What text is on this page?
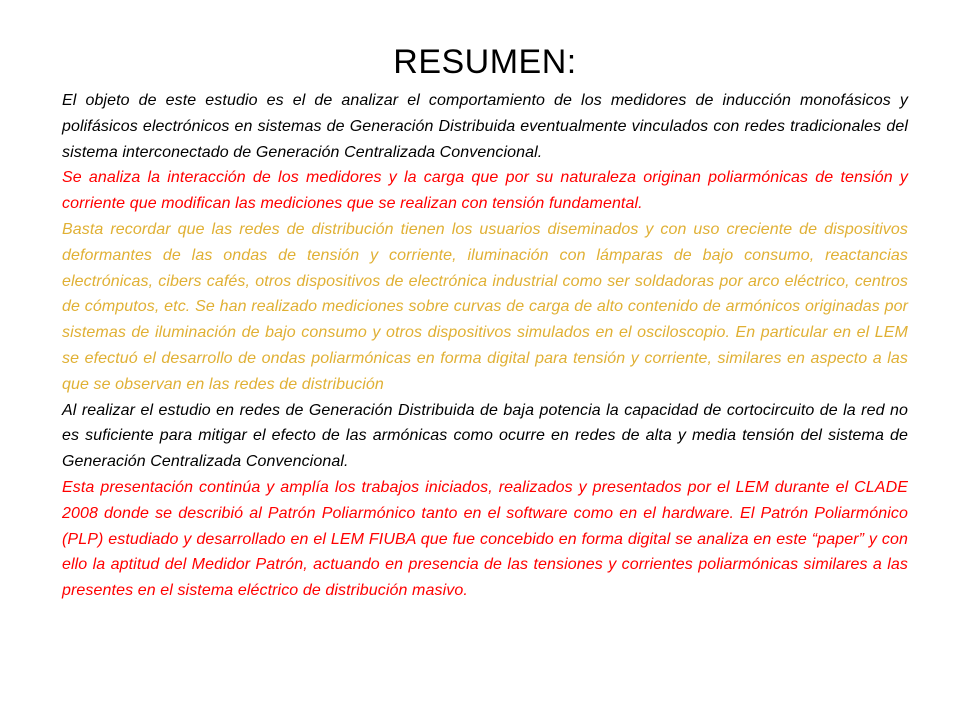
RESUMEN:

El objeto de este estudio es el de analizar el comportamiento de los medidores de inducción monofásicos y polifásicos electrónicos en sistemas de Generación Distribuida eventualmente vinculados con redes tradicionales del sistema interconectado de Generación Centralizada Convencional.

Se analiza la interacción de los medidores y la carga que por su naturaleza originan poliarmónicas de tensión y corriente que modifican las mediciones que se realizan con tensión fundamental.

Basta recordar que las redes de distribución tienen los usuarios diseminados y con uso creciente de dispositivos deformantes de las ondas de tensión y corriente, iluminación con lámparas de bajo consumo, reactancias electrónicas, cibers cafés, otros dispositivos de electrónica industrial como ser soldadoras por arco eléctrico, centros de cómputos, etc. Se han realizado mediciones sobre curvas de carga de alto contenido de armónicos originadas por sistemas de iluminación de bajo consumo y otros dispositivos simulados en el osciloscopio. En particular en el LEM se efectuó el desarrollo de ondas poliarmónicas en forma digital para tensión y corriente, similares en aspecto a las que se observan en las redes de distribución

Al realizar el estudio en redes de Generación Distribuida de baja potencia la capacidad de cortocircuito de la red no es suficiente para mitigar el efecto de las armónicas como ocurre en redes de alta y media tensión del sistema de Generación Centralizada Convencional.

Esta presentación continúa y amplía los trabajos iniciados, realizados y presentados por el LEM durante el CLADE 2008 donde se describió al Patrón Poliarmónico tanto en el software como en el hardware. El Patrón Poliarmónico (PLP) estudiado y desarrollado en el LEM FIUBA que fue concebido en forma digital se analiza en este “paper” y con ello la aptitud del Medidor Patrón, actuando en presencia de las tensiones y corrientes poliarmónicas similares a las presentes en el sistema eléctrico de distribución masivo.
